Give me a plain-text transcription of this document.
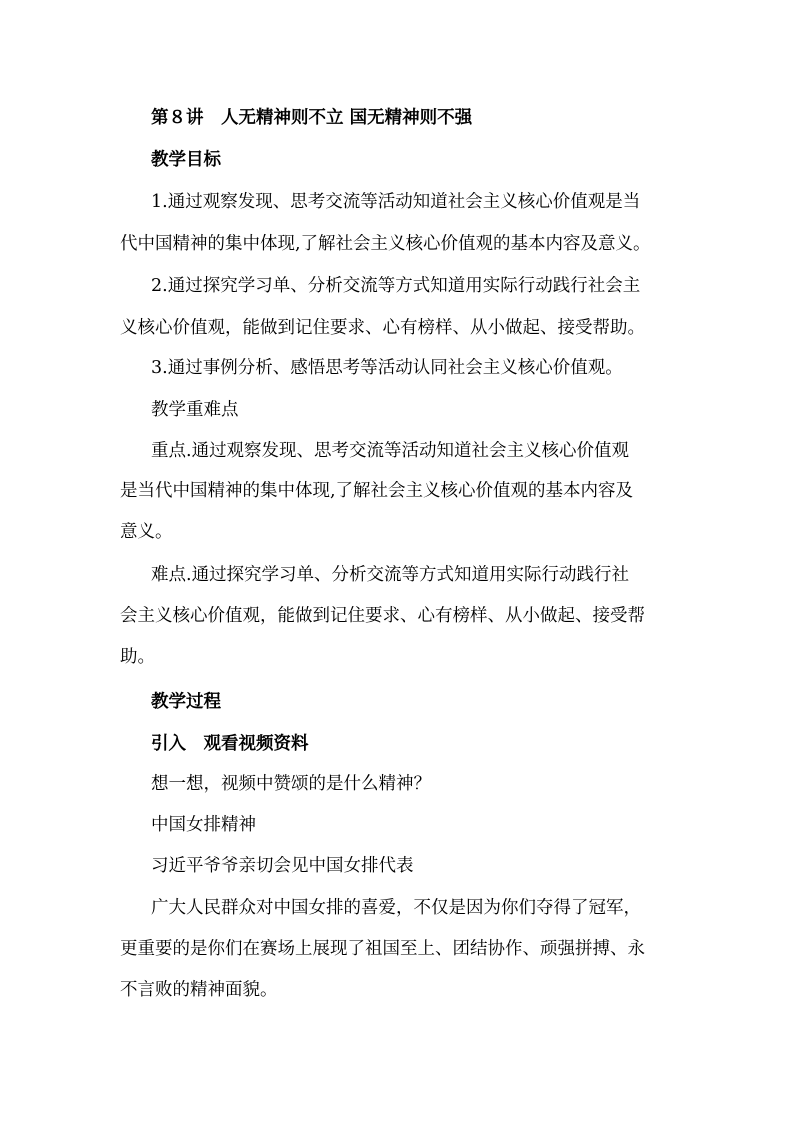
第８讲　人无精神则不立 国无精神则不强
教学目标
1.通过观察发现、思考交流等活动知道社会主义核心价值观是当
代中国精神的集中体现,了解社会主义核心价值观的基本内容及意义。
2.通过探究学习单、分析交流等方式知道用实际行动践行社会主
义核心价值观，能做到记住要求、心有榜样、从小做起、接受帮助。
3.通过事例分析、感悟思考等活动认同社会主义核心价值观。
教学重难点
重点.通过观察发现、思考交流等活动知道社会主义核心价值观
是当代中国精神的集中体现,了解社会主义核心价值观的基本内容及
意义。
难点.通过探究学习单、分析交流等方式知道用实际行动践行社
会主义核心价值观，能做到记住要求、心有榜样、从小做起、接受帮
助。
教学过程
引入　观看视频资料
想一想，视频中赞颂的是什么精神？
中国女排精神
习近平爷爷亲切会见中国女排代表
广大人民群众对中国女排的喜爱，不仅是因为你们夺得了冠军，
更重要的是你们在赛场上展现了祖国至上、团结协作、顽强拼搏、永
不言败的精神面貌。
